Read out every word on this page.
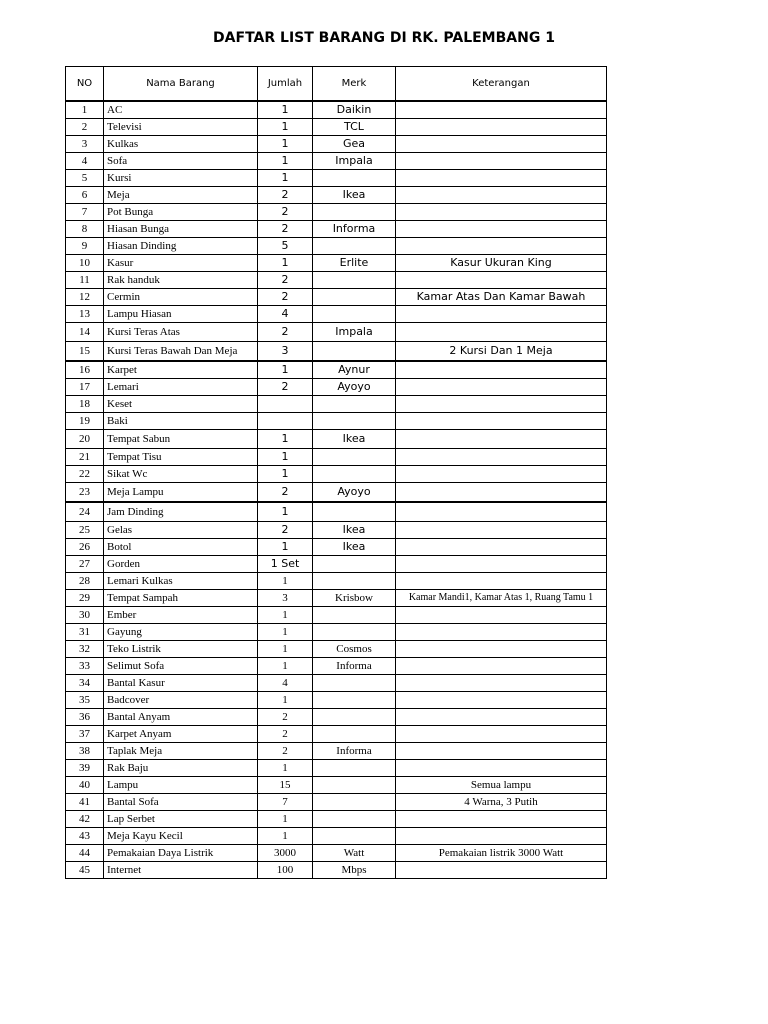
DAFTAR LIST BARANG DI RK. PALEMBANG 1
NO	Nama Barang	Jumlah	Merk	Keterangan
1	AC	1	Daikin	
2	Televisi	1	TCL	
3	Kulkas	1	Gea	
4	Sofa	1	Impala	
5	Kursi	1		
6	Meja	2	Ikea	
7	Pot Bunga	2		
8	Hiasan Bunga	2	Informa	
9	Hiasan Dinding	5		
10	Kasur	1	Erlite	Kasur Ukuran King
11	Rak handuk	2		
12	Cermin	2		Kamar Atas Dan Kamar Bawah
13	Lampu Hiasan	4		
14	Kursi Teras Atas	2	Impala	
15	Kursi Teras Bawah Dan Meja	3		2 Kursi Dan 1 Meja
16	Karpet	1	Aynur	
17	Lemari	2	Ayoyo	
18	Keset			
19	Baki			
20	Tempat Sabun	1	Ikea	
21	Tempat Tisu	1		
22	Sikat Wc	1		
23	Meja Lampu	2	Ayoyo	
24	Jam Dinding	1		
25	Gelas	2	Ikea	
26	Botol	1	Ikea	
27	Gorden	1 Set		
28	Lemari Kulkas	1		
29	Tempat Sampah	3	Krisbow	Kamar Mandi1, Kamar Atas 1, Ruang Tamu 1
30	Ember	1		
31	Gayung	1		
32	Teko Listrik	1	Cosmos	
33	Selimut Sofa	1	Informa	
34	Bantal Kasur	4		
35	Badcover	1		
36	Bantal Anyam	2		
37	Karpet Anyam	2		
38	Taplak Meja	2	Informa	
39	Rak Baju	1		
40	Lampu	15		Semua lampu
41	Bantal Sofa	7		4 Warna, 3 Putih
42	Lap Serbet	1		
43	Meja Kayu Kecil	1		
44	Pemakaian Daya Listrik	3000	Watt	Pemakaian listrik 3000 Watt
45	Internet	100	Mbps	
